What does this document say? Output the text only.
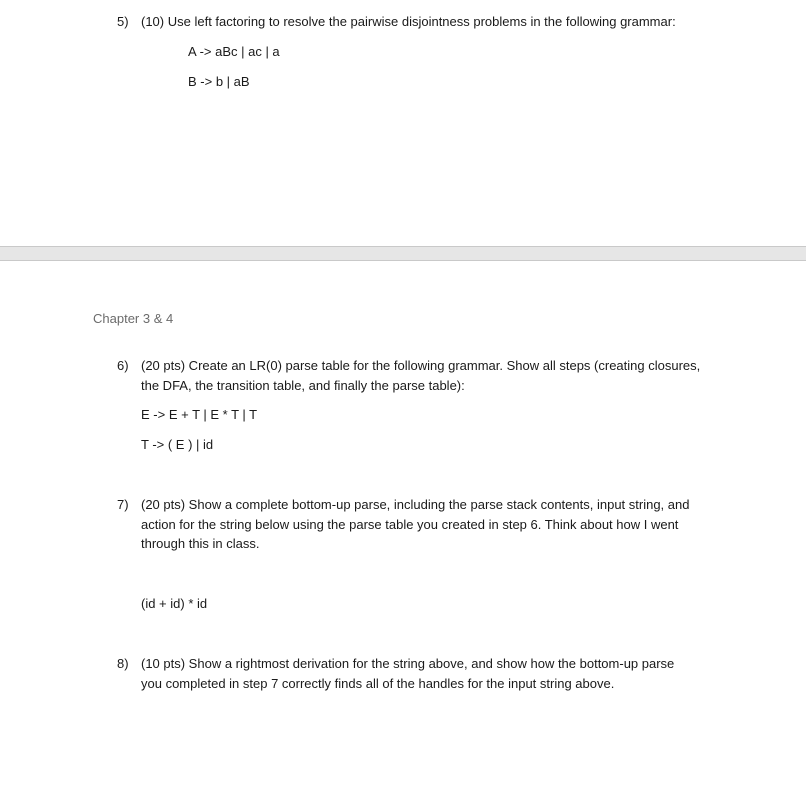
5) (10) Use left factoring to resolve the pairwise disjointness problems in the following grammar:
A -> aBc | ac | a
B -> b | aB
Chapter 3 & 4
6) (20 pts) Create an LR(0) parse table for the following grammar. Show all steps (creating closures,
the DFA, the transition table, and finally the parse table):
E -> E + T | E * T | T
T -> ( E ) | id
7) (20 pts) Show a complete bottom-up parse, including the parse stack contents, input string, and
action for the string below using the parse table you created in step 6. Think about how I went
through this in class.
(id + id) * id
8) (10 pts) Show a rightmost derivation for the string above, and show how the bottom-up parse
you completed in step 7 correctly finds all of the handles for the input string above.
